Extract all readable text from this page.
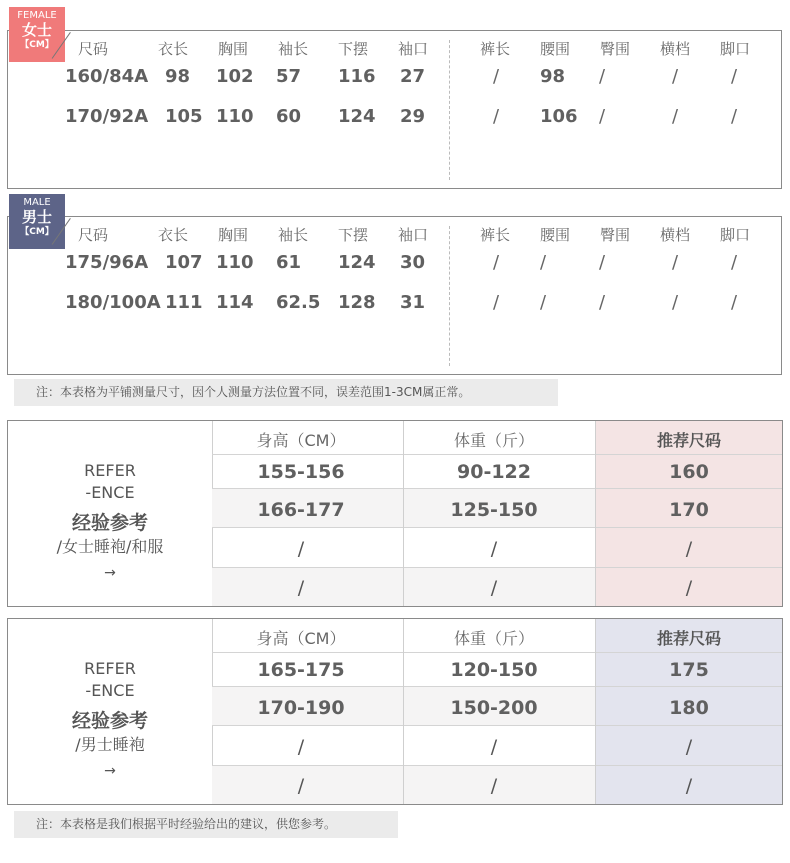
FEMALE
女士
【CM】	尺码	衣长 胸围 袖长 下摆 袖口	裤长 腰围 臀围 横档 脚口
160/84A 98 102 57 116 27	/ 98 /	/	/
170/92A 105 110 60 124 29	/ 106 /	/	/
MALE
男士
【CM】	尺码	衣长 胸围 袖长 下摆 袖口	裤长 腰围 臀围 横档 脚口
175/96A 107 110 61 124 30	/ /	/	/	/
180/100A 111 114 62.5 128 31	/ /	/	/	/
注：本表格为平铺测量尺寸，因个人测量方法位置不同，误差范围1-3CM属正常。
REFER
-ENCE
经验参考
/女士睡袍/和服
→
身高（CM）	体重（斤）	推荐尺码
155-156	90-122	160
166-177	125-150	170
/	/	/
/	/	/
REFER
-ENCE
经验参考
/男士睡袍
→
身高（CM）	体重（斤）	推荐尺码
165-175	120-150	175
170-190	150-200	180
/	/	/
/	/	/
注：本表格是我们根据平时经验给出的建议，供您参考。
